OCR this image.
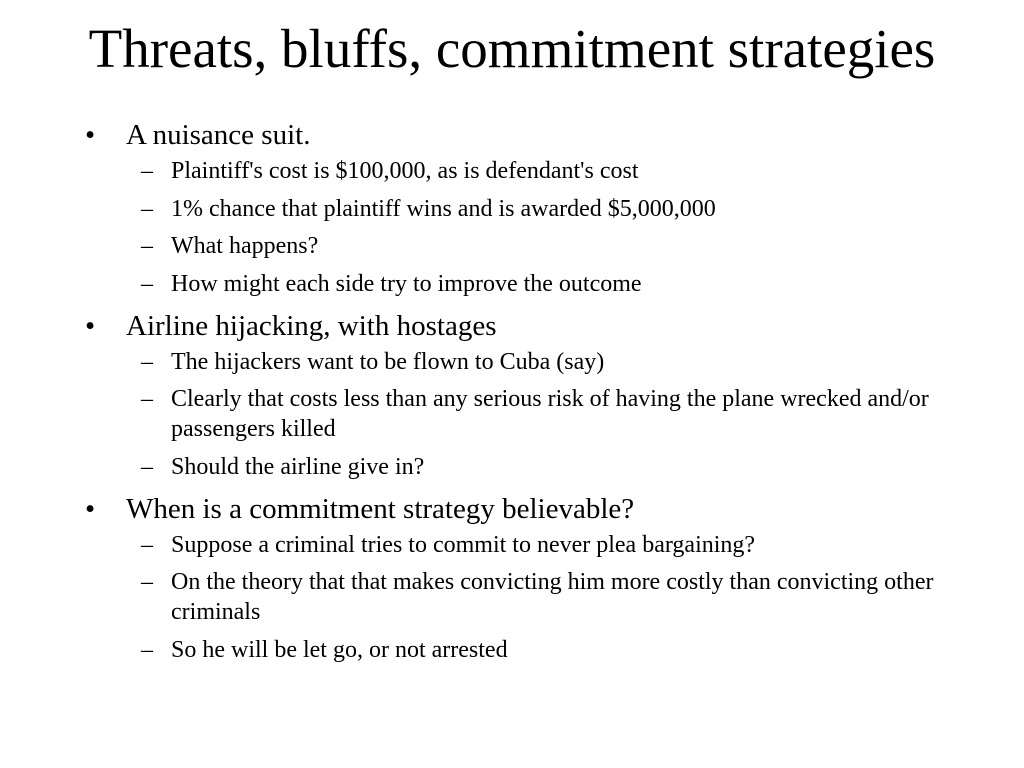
Threats, bluffs, commitment strategies
•	A nuisance suit.
– Plaintiff's cost is $100,000, as is defendant's cost
– 1% chance that plaintiff wins and is awarded $5,000,000
– What happens?
– How might each side try to improve the outcome
•	Airline hijacking, with hostages
– The hijackers want to be flown to Cuba (say)
– Clearly that costs less than any serious risk of having the plane wrecked and/or passengers killed
– Should the airline give in?
•	When is a commitment strategy believable?
– Suppose a criminal tries to commit to never plea bargaining?
– On the theory that that makes convicting him more costly than convicting other criminals
– So he will be let go, or not arrested
